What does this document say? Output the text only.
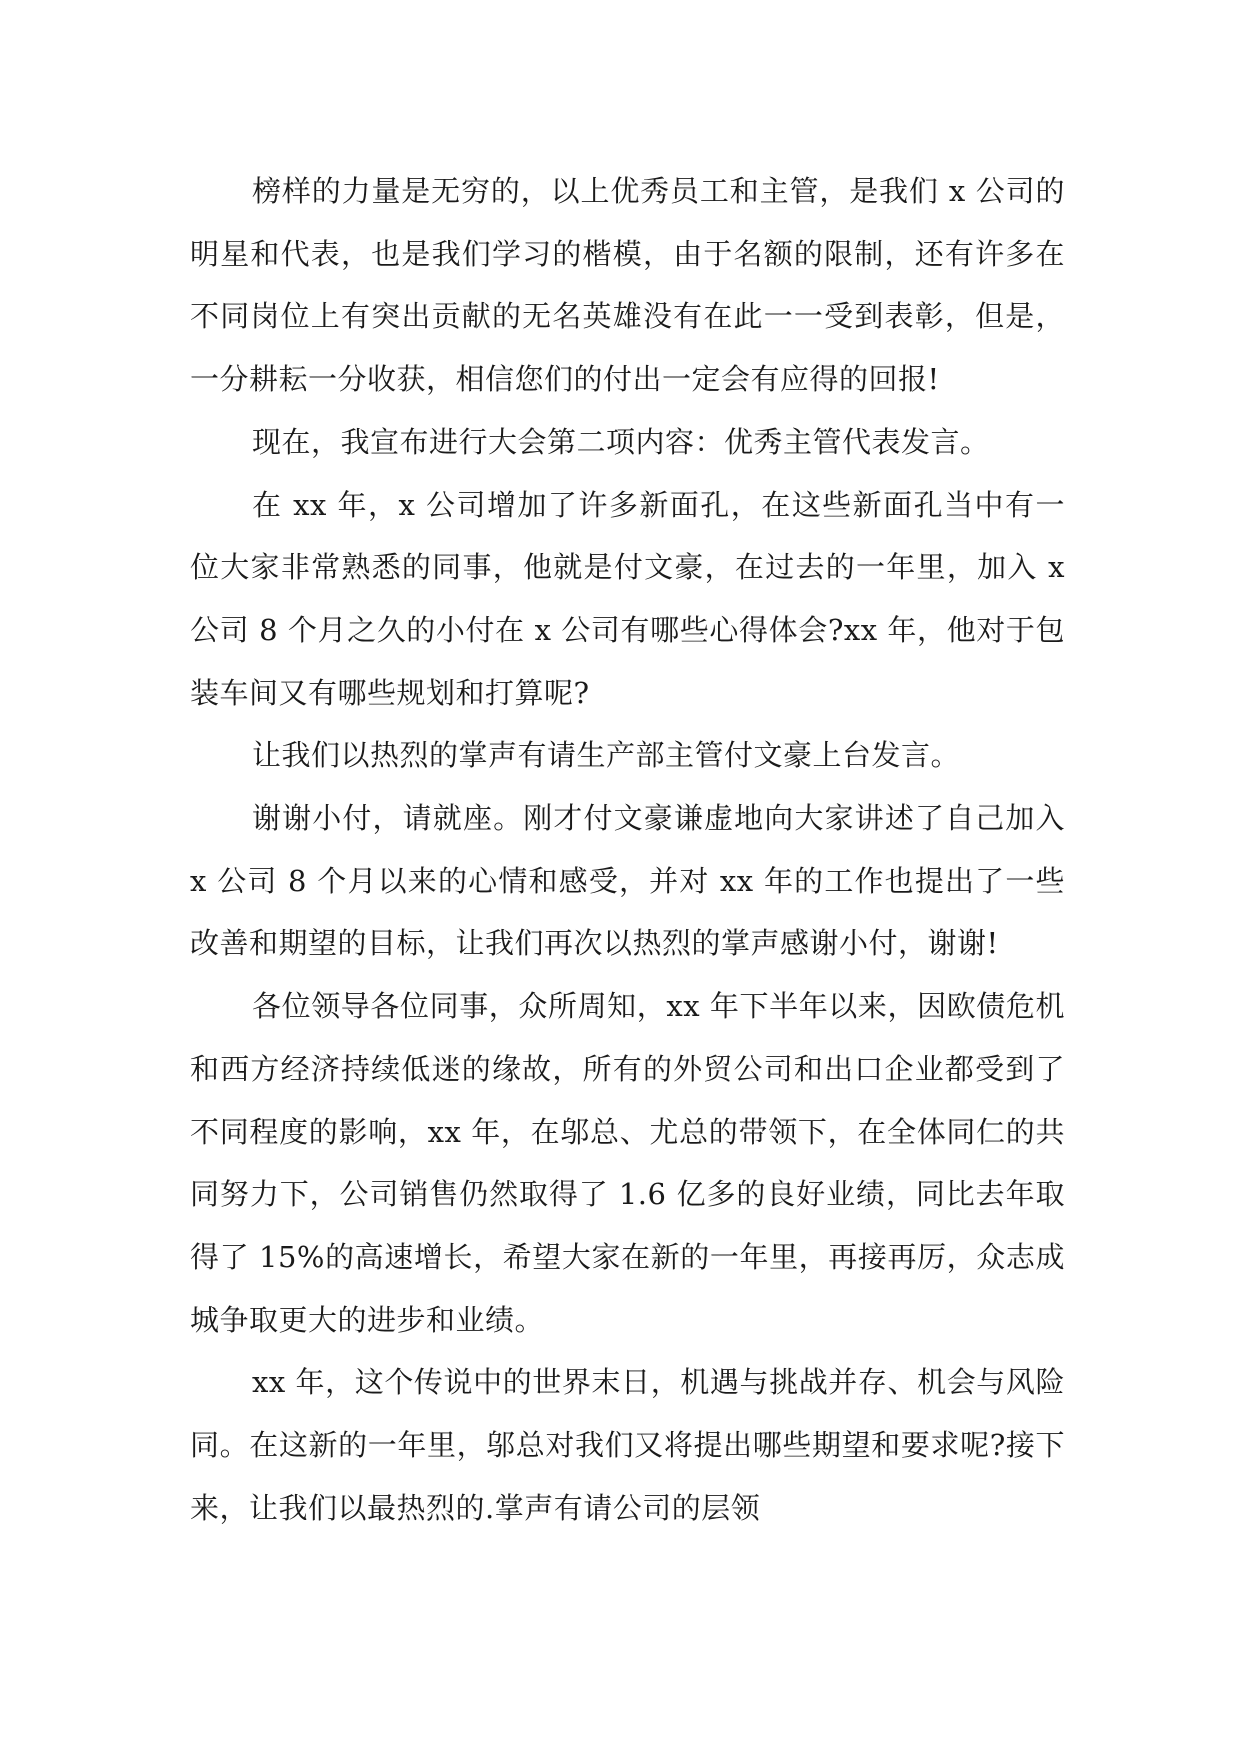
榜样的力量是无穷的，以上优秀员工和主管，是我们 x 公司的明星和代表，也是我们学习的楷模，由于名额的限制，还有许多在不同岗位上有突出贡献的无名英雄没有在此一一受到表彰，但是，一分耕耘一分收获，相信您们的付出一定会有应得的回报!

现在，我宣布进行大会第二项内容：优秀主管代表发言。

在 xx 年，x 公司增加了许多新面孔，在这些新面孔当中有一位大家非常熟悉的同事，他就是付文豪，在过去的一年里，加入 x 公司 8 个月之久的小付在 x 公司有哪些心得体会?xx 年，他对于包装车间又有哪些规划和打算呢?

让我们以热烈的掌声有请生产部主管付文豪上台发言。

谢谢小付，请就座。刚才付文豪谦虚地向大家讲述了自己加入 x 公司 8 个月以来的心情和感受，并对 xx 年的工作也提出了一些改善和期望的目标，让我们再次以热烈的掌声感谢小付，谢谢!

各位领导各位同事，众所周知，xx 年下半年以来，因欧债危机和西方经济持续低迷的缘故，所有的外贸公司和出口企业都受到了不同程度的影响，xx 年，在邬总、尤总的带领下，在全体同仁的共同努力下，公司销售仍然取得了 1.6 亿多的良好业绩，同比去年取得了 15%的高速增长，希望大家在新的一年里，再接再厉，众志成城争取更大的进步和业绩。

xx 年，这个传说中的世界末日，机遇与挑战并存、机会与风险同。在这新的一年里，邬总对我们又将提出哪些期望和要求呢?接下来，让我们以最热烈的.掌声有请公司的层领
